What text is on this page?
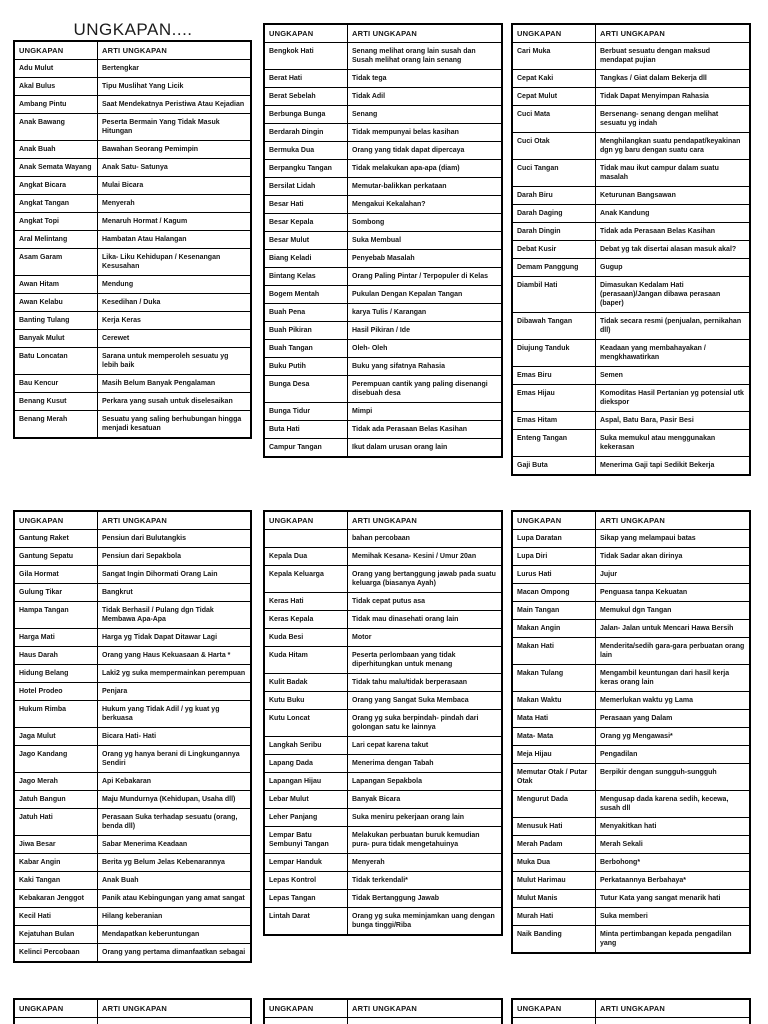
UNGKAPAN....
UNGKAPAN	ARTI UNGKAPAN
Adu Mulut	Bertengkar
Akal Bulus	Tipu Muslihat Yang Licik
Ambang Pintu	Saat Mendekatnya Peristiwa Atau Kejadian
Anak Bawang	Peserta Bermain Yang Tidak Masuk Hitungan
Anak Buah	Bawahan Seorang Pemimpin
Anak Semata Wayang	Anak Satu- Satunya
Angkat Bicara	Mulai Bicara
Angkat Tangan	Menyerah
Angkat Topi	Menaruh Hormat / Kagum
Aral Melintang	Hambatan Atau Halangan
Asam Garam	Lika- Liku Kehidupan / Kesenangan Kesusahan
Awan Hitam	Mendung
Awan Kelabu	Kesedihan / Duka
Banting Tulang	Kerja Keras
Banyak Mulut	Cerewet
Batu Loncatan	Sarana untuk memperoleh sesuatu yg lebih baik
Bau Kencur	Masih Belum Banyak Pengalaman
Benang Kusut	Perkara yang susah untuk diselesaikan
Benang Merah	Sesuatu yang saling berhubungan hingga menjadi kesatuan
UNGKAPAN	ARTI UNGKAPAN
Bengkok Hati	Senang melihat orang lain susah dan Susah melihat orang lain senang
Berat Hati	Tidak tega
Berat Sebelah	Tidak Adil
Berbunga Bunga	Senang
Berdarah Dingin	Tidak mempunyai belas kasihan
Bermuka Dua	Orang yang tidak dapat dipercaya
Berpangku Tangan	Tidak melakukan apa-apa (diam)
Bersilat Lidah	Memutar-balikkan perkataan
Besar Hati	Mengakui Kekalahan?
Besar Kepala	Sombong
Besar Mulut	Suka Membual
Biang Keladi	Penyebab Masalah
Bintang Kelas	Orang Paling Pintar / Terpopuler di Kelas
Bogem Mentah	Pukulan Dengan Kepalan Tangan
Buah Pena	karya Tulis / Karangan
Buah Pikiran	Hasil Pikiran / Ide
Buah Tangan	Oleh- Oleh
Buku Putih	Buku yang sifatnya Rahasia
Bunga Desa	Perempuan cantik yang paling disenangi disebuah desa
Bunga Tidur	Mimpi
Buta Hati	Tidak ada Perasaan Belas Kasihan
Campur Tangan	Ikut dalam urusan orang lain
UNGKAPAN	ARTI UNGKAPAN
Cari Muka	Berbuat sesuatu dengan maksud mendapat pujian
Cepat Kaki	Tangkas / Giat dalam Bekerja dll
Cepat Mulut	Tidak Dapat Menyimpan Rahasia
Cuci Mata	Bersenang- senang dengan melihat sesuatu yg indah
Cuci Otak	Menghilangkan suatu pendapat/keyakinan dgn yg baru dengan suatu cara
Cuci Tangan	Tidak mau ikut campur dalam suatu masalah
Darah Biru	Keturunan Bangsawan
Darah Daging	Anak Kandung
Darah Dingin	Tidak ada Perasaan Belas Kasihan
Debat Kusir	Debat yg tak disertai alasan masuk akal?
Demam Panggung	Gugup
Diambil Hati	Dimasukan Kedalam Hati (perasaan)/Jangan dibawa perasaan (baper)
Dibawah Tangan	Tidak secara resmi (penjualan, pernikahan dll)
Diujung Tanduk	Keadaan yang membahayakan / mengkhawatirkan
Emas Biru	Semen
Emas Hijau	Komoditas Hasil Pertanian yg potensial utk diekspor
Emas Hitam	Aspal, Batu Bara, Pasir Besi
Enteng Tangan	Suka memukul atau menggunakan kekerasan
Gaji Buta	Menerima Gaji tapi Sedikit Bekerja
UNGKAPAN	ARTI UNGKAPAN
Gantung Raket	Pensiun dari Bulutangkis
Gantung Sepatu	Pensiun dari Sepakbola
Gila Hormat	Sangat Ingin Dihormati Orang Lain
Gulung Tikar	Bangkrut
Hampa Tangan	Tidak Berhasil / Pulang dgn Tidak Membawa Apa-Apa
Harga Mati	Harga yg Tidak Dapat Ditawar Lagi
Haus Darah	Orang yang Haus Kekuasaan & Harta *
Hidung Belang	Laki2 yg suka mempermainkan perempuan
Hotel Prodeo	Penjara
Hukum Rimba	Hukum yang Tidak Adil / yg kuat yg berkuasa
Jaga Mulut	Bicara Hati- Hati
Jago Kandang	Orang yg hanya berani di Lingkungannya Sendiri
Jago Merah	Api Kebakaran
Jatuh Bangun	Maju Mundurnya (Kehidupan, Usaha dll)
Jatuh Hati	Perasaan Suka terhadap sesuatu (orang, benda dll)
Jiwa Besar	Sabar Menerima Keadaan
Kabar Angin	Berita yg Belum Jelas Kebenarannya
Kaki Tangan	Anak Buah
Kebakaran Jenggot	Panik atau Kebingungan yang amat sangat
Kecil Hati	Hilang keberanian
Kejatuhan Bulan	Mendapatkan keberuntungan
Kelinci Percobaan	Orang yang pertama dimanfaatkan sebagai
UNGKAPAN	ARTI UNGKAPAN
	bahan percobaan
Kepala Dua	Memihak Kesana- Kesini / Umur 20an
Kepala Keluarga	Orang yang bertanggung jawab pada suatu keluarga (biasanya Ayah)
Keras Hati	Tidak cepat putus asa
Keras Kepala	Tidak mau dinasehati orang lain
Kuda Besi	Motor
Kuda Hitam	Peserta perlombaan yang tidak diperhitungkan untuk menang
Kulit Badak	Tidak tahu malu/tidak berperasaan
Kutu Buku	Orang yang Sangat Suka Membaca
Kutu Loncat	Orang yg suka berpindah- pindah dari golongan satu ke lainnya
Langkah Seribu	Lari cepat karena takut
Lapang Dada	Menerima dengan Tabah
Lapangan Hijau	Lapangan Sepakbola
Lebar Mulut	Banyak Bicara
Leher Panjang	Suka meniru pekerjaan orang lain
Lempar Batu Sembunyi Tangan	Melakukan perbuatan buruk kemudian pura- pura tidak mengetahuinya
Lempar Handuk	Menyerah
Lepas Kontrol	Tidak terkendali*
Lepas Tangan	Tidak Bertanggung Jawab
Lintah Darat	Orang yg suka meminjamkan uang dengan bunga tinggi/Riba
UNGKAPAN	ARTI UNGKAPAN
Lupa Daratan	Sikap yang melampaui batas
Lupa Diri	Tidak Sadar akan dirinya
Lurus Hati	Jujur
Macan Ompong	Penguasa tanpa Kekuatan
Main Tangan	Memukul dgn Tangan
Makan Angin	Jalan- Jalan untuk Mencari Hawa Bersih
Makan Hati	Menderita/sedih gara-gara perbuatan orang lain
Makan Tulang	Mengambil keuntungan dari hasil kerja keras orang lain
Makan Waktu	Memerlukan waktu yg Lama
Mata Hati	Perasaan yang Dalam
Mata- Mata	Orang yg Mengawasi*
Meja Hijau	Pengadilan
Memutar Otak / Putar Otak	Berpikir dengan sungguh-sungguh
Mengurut Dada	Mengusap dada karena sedih, kecewa, susah dll
Menusuk Hati	Menyakitkan hati
Merah Padam	Merah Sekali
Muka Dua	Berbohong*
Mulut Harimau	Perkataannya Berbahaya*
Mulut Manis	Tutur Kata yang sangat menarik hati
Murah Hati	Suka memberi
Naik Banding	Minta pertimbangan kepada pengadilan yang
UNGKAPAN	ARTI UNGKAPAN
		UNGKAPAN	ARTI UNGKAPAN
		UNGKAPAN	ARTI UNGKAPAN
